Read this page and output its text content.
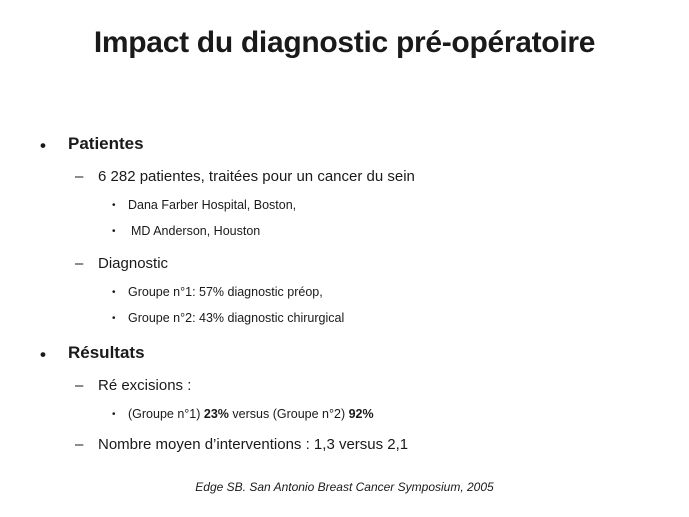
Impact du diagnostic pré-opératoire
• Patientes
– 6 282 patientes, traitées pour un cancer du sein
• Dana Farber Hospital, Boston,
• MD Anderson, Houston
– Diagnostic
• Groupe n°1: 57% diagnostic préop,
• Groupe n°2: 43% diagnostic chirurgical
• Résultats
– Ré excisions :
• (Groupe n°1) 23% versus (Groupe n°2) 92%
– Nombre moyen d’interventions : 1,3 versus 2,1
Edge SB. San Antonio Breast Cancer Symposium, 2005
